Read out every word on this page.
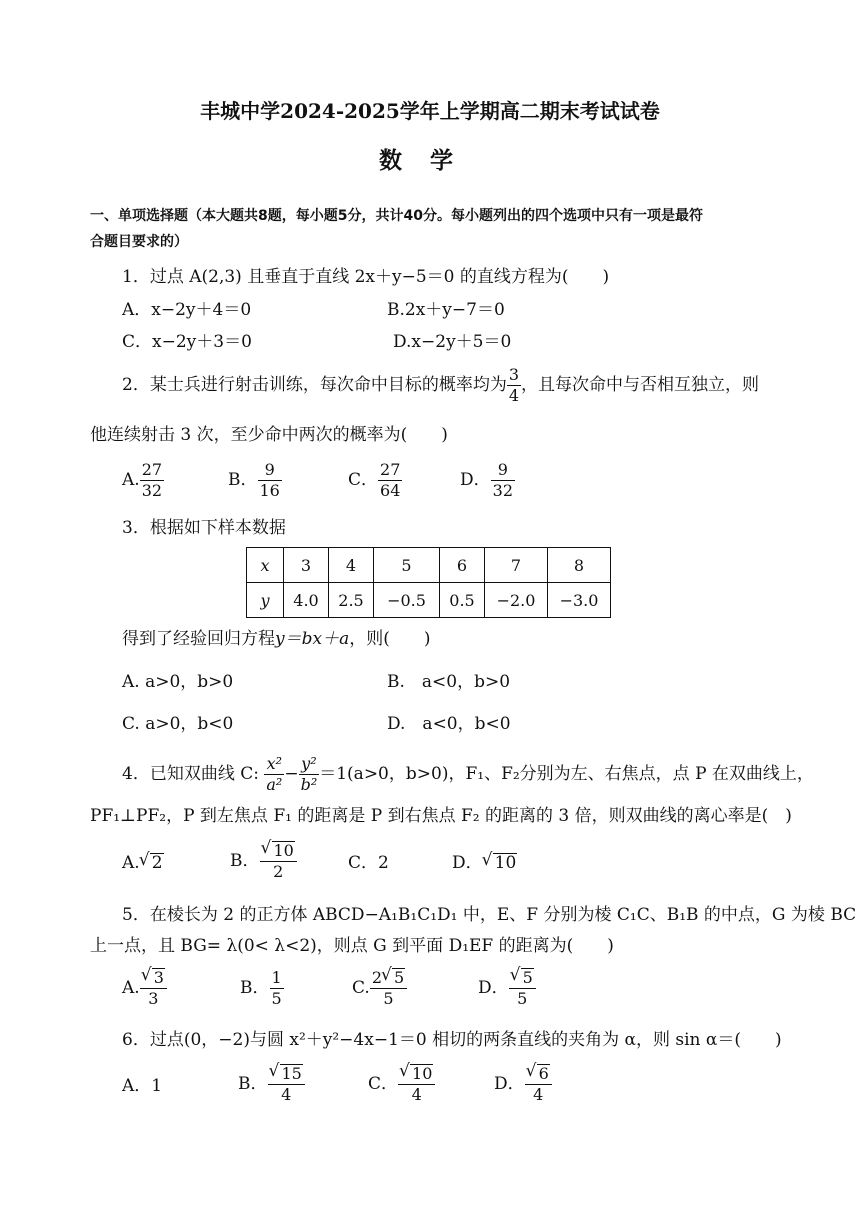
丰城中学2024-2025学年上学期高二期末考试试卷
数学
一、单项选择题（本大题共8题，每小题5分，共计40分。每小题列出的四个选项中只有一项是最符
合题目要求的）
1．过点 A(2,3) 且垂直于直线 2x＋y−5＝0 的直线方程为(　　)
A．x−2y＋4＝0	B.2x＋y−7＝0
C．x−2y＋3＝0	D.x−2y＋5＝0
2．某士兵进行射击训练，每次命中目标的概率均为 $\frac{3}{4}$ ，且每次命中与否相互独立，则
他连续射击 3 次，至少命中两次的概率为(　　)
A. $\frac{27}{32}$	B． $\frac{9}{16}$	C． $\frac{27}{64}$	D． $\frac{9}{32}$
3．根据如下样本数据
x	3	4	5	6	7	8
y	4.0	2.5	−0.5	0.5	−2.0	−3.0
得到了经验回归方程y＝bx＋a，则(　　)
A. a>0，b>0	B.　a<0，b>0
C. a>0，b<0	D.　a<0，b<0
4．已知双曲线 C: $\frac{\text{x²}}{\text{a²}} - \frac{\text{y²}}{\text{b²}} =1(a>0$，b>0)，F₁、F₂分别为左、右焦点，点 P 在双曲线上，
PF₁⊥PF₂，P 到左焦点 F₁ 的距离是 P 到右焦点 F₂ 的距离的 3 倍，则双曲线的离心率是(　)
A. √ 2	B． √ $\frac{10}{2}$	C．2	D． √ 10
5．在棱长为 2 的正方体 ABCD−A₁B₁C₁D₁ 中，E、F 分别为棱 C₁C、B₁B 的中点，G 为棱 BC
上一点，且 BG= λ(0< λ<2)，则点 G 到平面 D₁EF 的距离为(　　)
A. √ $\frac{3}{3}$	B． $\frac{1}{5}$	C. $\frac{2 √ 5}{5}$	D． √ $\frac{5}{5}$
6．过点(0，−2)与圆 x²＋y²−4x−1＝0 相切的两条直线的夹角为 α，则 sin α＝(　　)
A．1	B． √ $\frac{15}{4}$	C． √ $\frac{10}{4}$	D． √ $\frac{6}{4}$
